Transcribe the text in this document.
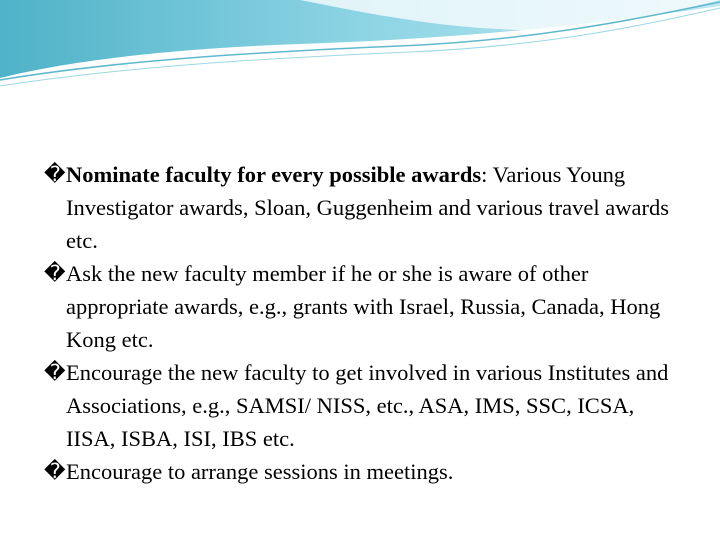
� Nominate faculty for every possible awards: Various Young Investigator awards, Sloan, Guggenheim and various travel awards etc.

� Ask the new faculty member if he or she is aware of other appropriate awards, e.g., grants with Israel, Russia, Canada, Hong Kong etc.

� Encourage the new faculty to get involved in various Institutes and Associations, e.g., SAMSI/ NISS, etc., ASA, IMS, SSC, ICSA, IISA, ISBA, ISI, IBS etc.

� Encourage to arrange sessions in meetings.
